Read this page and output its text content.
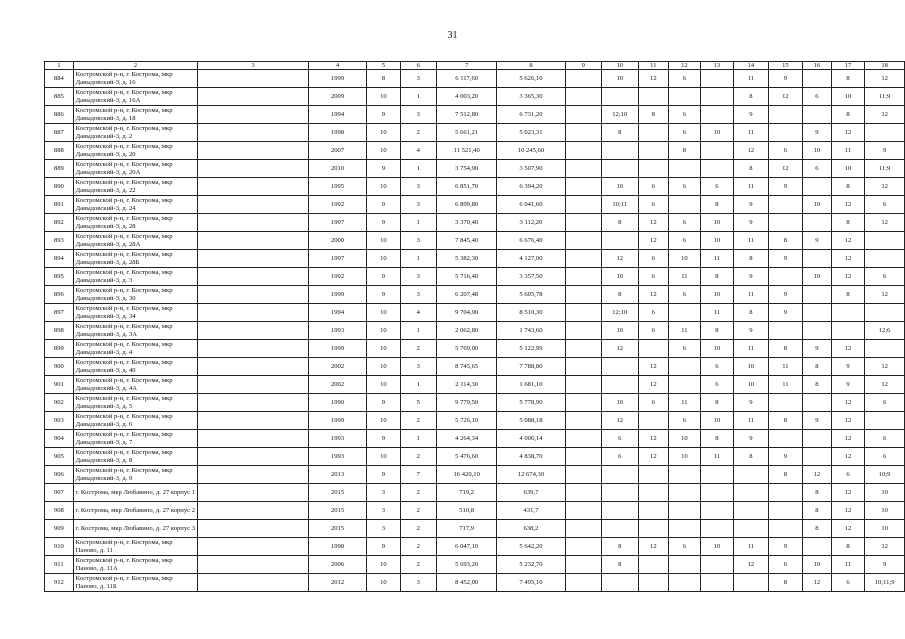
31
1	2	3	4	5	6	7	8	9	10	11	12	13	14	15	16	17	18
884	Костромской р-н, г. Кострома, мкр Давыдовский-3, д. 16		1999	8	3	6 117,60	5 626,10		10	12	6		11	9		8	12
885	Костромской р-н, г. Кострома, мкр Давыдовский-3, д. 16А		2009	10	1	4 003,20	3 365,30						8	12	6	10	11;9
886	Костромской р-н, г. Кострома, мкр Давыдовский-3, д. 18		1994	9	3	7 512,80	6 731,20		12;10	8	6		9			8	12
887	Костромской р-н, г. Кострома, мкр Давыдовский-3, д. 2		1998	10	2	5 661,21	5 023,31		8		6	10	11		9	12	
888	Костромской р-н, г. Кострома, мкр Давыдовский-3, д. 20		2007	10	4	11 521,40	10 245,60				8		12	6	10	11	9
889	Костромской р-н, г. Кострома, мкр Давыдовский-3, д. 20А		2010	9	1	3 754,90	3 507,90						8	12	6	10	11;9
890	Костромской р-н, г. Кострома, мкр Давыдовский-3, д. 22		1995	10	3	6 851,70	6 394,20		10	6	6	6	11	9		8	12
891	Костромской р-н, г. Кострома, мкр Давыдовский-3, д. 24		1992	9	3	6 899,80	6 041,60		10;11	6		8	9		10	12	6
892	Костромской р-н, г. Кострома, мкр Давыдовский-3, д. 28		1997	9	1	3 370,40	3 112,20		8	12	6	10	9			8	12
893	Костромской р-н, г. Кострома, мкр Давыдовский-3, д. 28А		2000	10	3	7 845,40	6 676,40			12	6	10	11	8	9	12	
894	Костромской р-н, г. Кострома, мкр Давыдовский-3, д. 28Б		1997	10	1	5 382,30	4 127,00		12	6	10	11	8	9		12	
895	Костромской р-н, г. Кострома, мкр Давыдовский-3, д. 3		1992	9	3	5 716,40	3 357,50		10	6	11	8	9		10	12	6
896	Костромской р-н, г. Кострома, мкр Давыдовский-3, д. 30		1999	9	3	6 207,48	5 605,78		8	12	6	10	11	9		8	12
897	Костромской р-н, г. Кострома, мкр Давыдовский-3, д. 34		1994	10	4	9 704,90	8 510,30		12;10	6		11	8	9			
898	Костромской р-н, г. Кострома, мкр Давыдовский-3, д. 3А		1993	10	1	2 062,80	1 743,60		10	6	11	8	9				12;6
899	Костромской р-н, г. Кострома, мкр Давыдовский-3, д. 4		1999	10	2	5 769,00	5 122,99		12		6	10	11	8	9	12	
900	Костромской р-н, г. Кострома, мкр Давыдовский-3, д. 40		2002	10	3	8 745,65	7 788,80			12		6	10	11	8	9	12
901	Костромской р-н, г. Кострома, мкр Давыдовский-3, д. 4А		2002	10	1	2 114,30	1 681,10			12		6	10	11	8	9	12
902	Костромской р-н, г. Кострома, мкр Давыдовский-3, д. 5		1990	9	5	9 779,50	5 778,90		10	6	11	8	9			12	6
903	Костромской р-н, г. Кострома, мкр Давыдовский-3, д. 6		1999	10	2	5 726,10	5 088,18		12		6	10	11	8	9	12	
904	Костромской р-н, г. Кострома, мкр Давыдовский-3, д. 7		1993	9	1	4 264,34	4 006,14		6	12	10	8	9			12	6
905	Костромской р-н, г. Кострома, мкр Давыдовский-3, д. 8		1993	10	2	5 476,60	4 838,70		6	12	10	11	8	9		12	6
906	Костромской р-н, г. Кострома, мкр Давыдовский-3, д. 9		2013	9	7	16 420,10	12 674,30							8	12	6	10;9
907	г. Кострома, мкр Любавино, д. 27 корпус 1		2015	3	2	719,2	639,7								8	12	10
908	г. Кострома, мкр Любавино, д. 27 корпус 2		2015	3	2	510,8	431,7								8	12	10
909	г. Кострома, мкр Любавино, д. 27 корпус 3		2015	3	2	717,9	638,2								8	12	10
910	Костромской р-н, г. Кострома, мкр Паново, д. 11		1998	9	2	6 047,10	5 642,20		8	12	6	10	11	9		8	12
911	Костромской р-н, г. Кострома, мкр Паново, д. 11А		2006	10	2	5 693,20	5 232,70		8				12	6	10	11	9
912	Костромской р-н, г. Кострома, мкр Паново, д. 11Б		2012	10	3	8 452,00	7 495,10							8	12	6	10;11;9
